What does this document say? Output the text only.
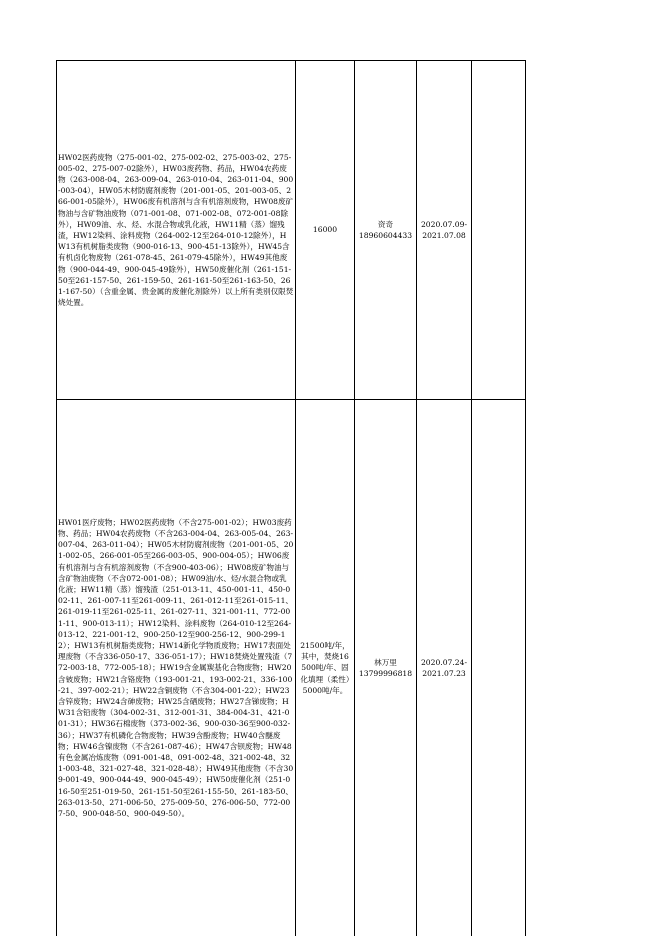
HW02医药废物（275-001-02、275-002-02、275-003-02、275-005-02、275-007-02除外），HW03废药物、药品，HW04农药废物（263-008-04、263-009-04、263-010-04、263-011-04、900-003-04），HW05木材防腐剂废物（201-001-05、201-003-05、266-001-05除外），HW06废有机溶剂与含有机溶剂废物，HW08废矿物油与含矿物油废物（071-001-08、071-002-08、072-001-08除外），HW09油、水、烃、水混合物或乳化液，HW11精（蒸）馏残渣，HW12染料、涂料废物（264-002-12至264-010-12除外），HW13有机树脂类废物（900-016-13、900-451-13除外），HW45含有机卤化物废物（261-078-45、261-079-45除外），HW49其他废物（900-044-49、900-045-49除外），HW50废催化剂（261-151-50至261-157-50、261-159-50、261-161-50至261-163-50、261-167-50）（含重金属、贵金属的废催化剂除外）以上所有类别仅限焚烧处置。
16000
资奇
18960604433
2020.07.09-2021.07.08
HW01医疗废物；HW02医药废物（不含275-001-02）；HW03废药物、药品；HW04农药废物（不含263-004-04、263-005-04、263-007-04、263-011-04）；HW05木材防腐剂废物（201-001-05、201-002-05、266-001-05至266-003-05、900-004-05）；HW06废有机溶剂与含有机溶剂废物（不含900-403-06）；HW08废矿物油与含矿物油废物（不含072-001-08）；HW09油/水、烃/水混合物或乳化液；HW11精（蒸）馏残渣（251-013-11、450-001-11、450-002-11、261-007-11至261-009-11、261-012-11至261-015-11、261-019-11至261-025-11、261-027-11、321-001-11、772-001-11、900-013-11）；HW12染料、涂料废物（264-010-12至264-013-12、221-001-12、900-250-12至900-256-12、900-299-12）；HW13有机树脂类废物；HW14新化学物质废物；HW17表面处理废物（不含336-050-17、336-051-17）；HW18焚烧处置残渣（772-003-18、772-005-18）；HW19含金属羰基化合物废物；HW20含铍废物；HW21含铬废物（193-001-21、193-002-21、336-100-21、397-002-21）；HW22含铜废物（不含304-001-22）；HW23含锌废物；HW24含砷废物；HW25含硒废物；HW27含锑废物；HW31含铅废物（304-002-31、312-001-31、384-004-31、421-001-31）；HW36石棉废物（373-002-36、900-030-36至900-032-36）；HW37有机磷化合物废物；HW39含酚废物；HW40含醚废物；HW46含镍废物（不含261-087-46）；HW47含钡废物；HW48有色金属冶炼废物（091-001-48、091-002-48、321-002-48、321-003-48、321-027-48、321-028-48）；HW49其他废物（不含309-001-49、900-044-49、900-045-49）；HW50废催化剂（251-016-50至251-019-50、261-151-50至261-155-50、261-183-50、263-013-50、271-006-50、275-009-50、276-006-50、772-007-50、900-048-50、900-049-50）。
21500吨/年，其中，焚烧16500吨/年、固化填埋（柔性）5000吨/年。
林万里
13799996818
2020.07.24-2021.07.23
